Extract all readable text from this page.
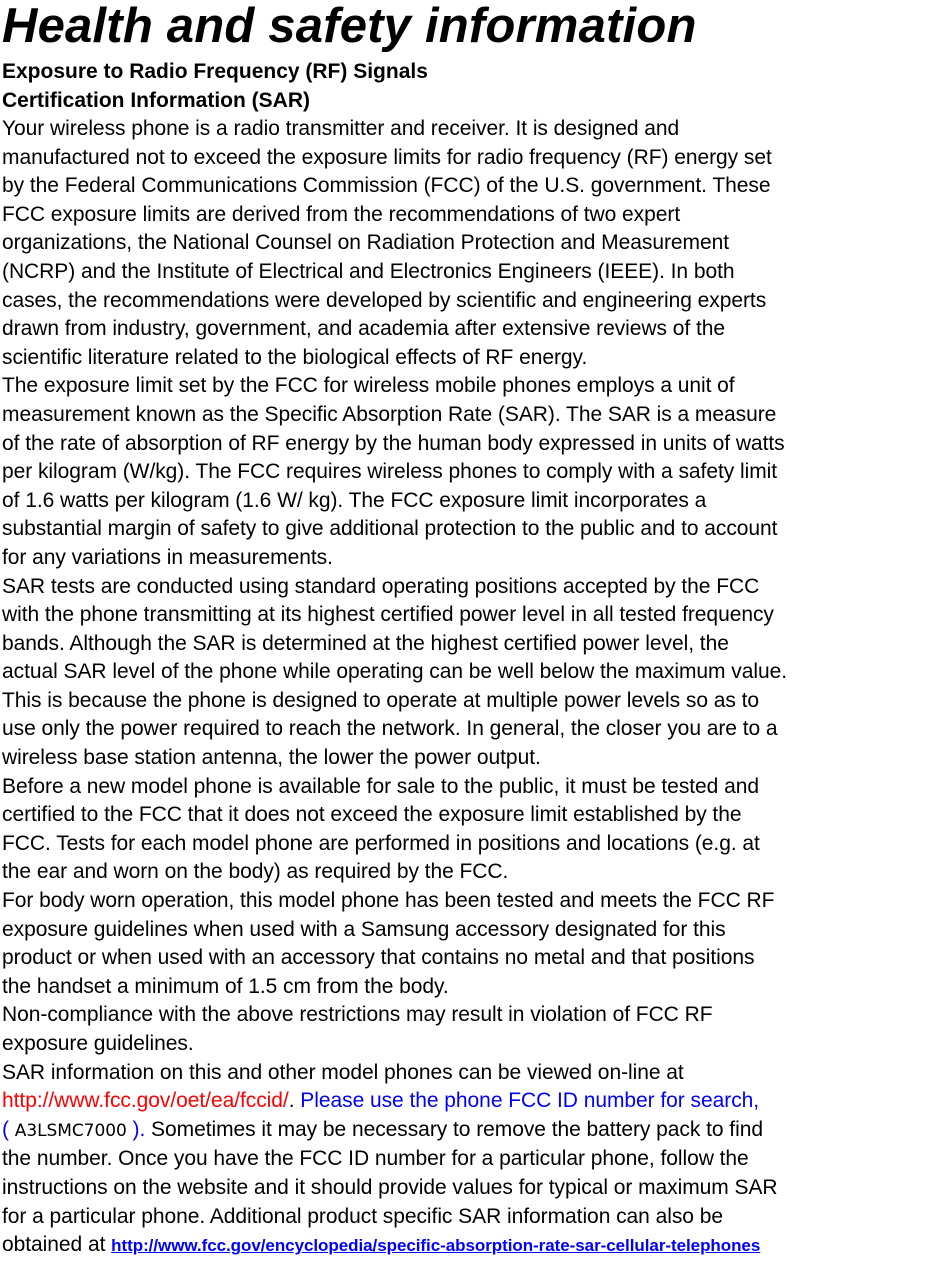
Health and safety information
Exposure to Radio Frequency (RF) Signals
Certification Information (SAR)
Your wireless phone is a radio transmitter and receiver. It is designed and
manufactured not to exceed the exposure limits for radio frequency (RF) energy set
by the Federal Communications Commission (FCC) of the U.S. government. These
FCC exposure limits are derived from the recommendations of two expert
organizations, the National Counsel on Radiation Protection and Measurement
(NCRP) and the Institute of Electrical and Electronics Engineers (IEEE). In both
cases, the recommendations were developed by scientific and engineering experts
drawn from industry, government, and academia after extensive reviews of the
scientific literature related to the biological effects of RF energy.
The exposure limit set by the FCC for wireless mobile phones employs a unit of
measurement known as the Specific Absorption Rate (SAR). The SAR is a measure
of the rate of absorption of RF energy by the human body expressed in units of watts
per kilogram (W/kg). The FCC requires wireless phones to comply with a safety limit
of 1.6 watts per kilogram (1.6 W/ kg). The FCC exposure limit incorporates a
substantial margin of safety to give additional protection to the public and to account
for any variations in measurements.
SAR tests are conducted using standard operating positions accepted by the FCC
with the phone transmitting at its highest certified power level in all tested frequency
bands. Although the SAR is determined at the highest certified power level, the
actual SAR level of the phone while operating can be well below the maximum value.
This is because the phone is designed to operate at multiple power levels so as to
use only the power required to reach the network. In general, the closer you are to a
wireless base station antenna, the lower the power output.
Before a new model phone is available for sale to the public, it must be tested and
certified to the FCC that it does not exceed the exposure limit established by the
FCC. Tests for each model phone are performed in positions and locations (e.g. at
the ear and worn on the body) as required by the FCC.
For body worn operation, this model phone has been tested and meets the FCC RF
exposure guidelines when used with a Samsung accessory designated for this
product or when used with an accessory that contains no metal and that positions
the handset a minimum of 1.5 cm from the body.
Non-compliance with the above restrictions may result in violation of FCC RF
exposure guidelines.
SAR information on this and other model phones can be viewed on-line at
http://www.fcc.gov/oet/ea/fccid/. Please use the phone FCC ID number for search,
( A3LSMC7000 ). Sometimes it may be necessary to remove the battery pack to find
the number. Once you have the FCC ID number for a particular phone, follow the
instructions on the website and it should provide values for typical or maximum SAR
for a particular phone. Additional product specific SAR information can also be
obtained at http://www.fcc.gov/encyclopedia/specific-absorption-rate-sar-cellular-telephones
